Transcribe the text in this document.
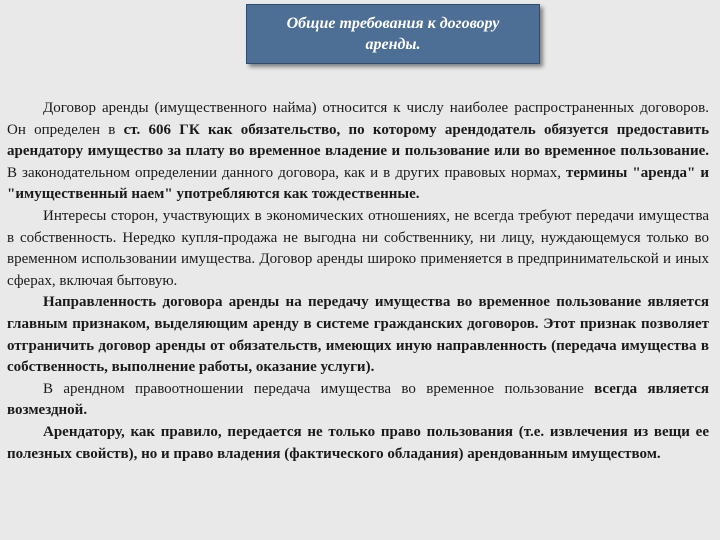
Общие требования к договору аренды.

Договор аренды (имущественного найма) относится к числу наиболее распространенных договоров. Он определен в ст. 606 ГК как обязательство, по которому арендодатель обязуется предоставить арендатору имущество за плату во временное владение и пользование или во временное пользование. В законодательном определении данного договора, как и в других правовых нормах, термины "аренда" и "имущественный наем" употребляются как тождественные.

Интересы сторон, участвующих в экономических отношениях, не всегда требуют передачи имущества в собственность. Нередко купля-продажа не выгодна ни собственнику, ни лицу, нуждающемуся только во временном использовании имущества. Договор аренды широко применяется в предпринимательской и иных сферах, включая бытовую.

Направленность договора аренды на передачу имущества во временное пользование является главным признаком, выделяющим аренду в системе гражданских договоров. Этот признак позволяет отграничить договор аренды от обязательств, имеющих иную направленность (передача имущества в собственность, выполнение работы, оказание услуги).

В арендном правоотношении передача имущества во временное пользование всегда является возмездной.

Арендатору, как правило, передается не только право пользования (т.е. извлечения из вещи ее полезных свойств), но и право владения (фактического обладания) арендованным имуществом.
